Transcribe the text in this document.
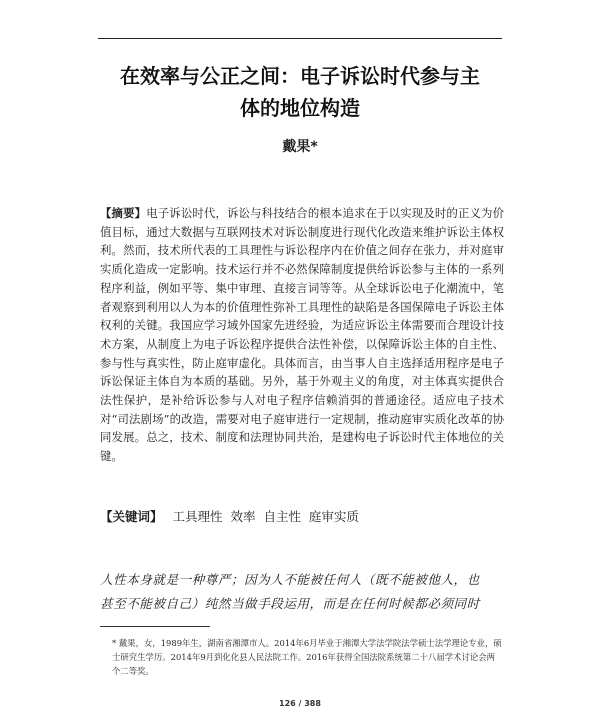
在效率与公正之间：电子诉讼时代参与主
体的地位构造
戴果*
【摘要】电子诉讼时代，诉讼与科技结合的根本追求在于以实现及时的正义为价值目标，通过大数据与互联网技术对诉讼制度进行现代化改造来维护诉讼主体权利。然而，技术所代表的工具理性与诉讼程序内在价值之间存在张力，并对庭审实质化造成一定影响。技术运行并不必然保障制度提供给诉讼参与主体的一系列程序利益，例如平等、集中审理、直接言词等等。从全球诉讼电子化潮流中，笔者观察到利用以人为本的价值理性弥补工具理性的缺陷是各国保障电子诉讼主体权利的关键。我国应学习域外国家先进经验，为适应诉讼主体需要而合理设计技术方案，从制度上为电子诉讼程序提供合法性补偿，以保障诉讼主体的自主性、参与性与真实性，防止庭审虚化。具体而言，由当事人自主选择适用程序是电子诉讼保证主体自为本质的基础。另外，基于外观主义的角度，对主体真实提供合法性保护，是补给诉讼参与人对电子程序信赖消弭的普通途径。适应电子技术对“司法剧场”的改造，需要对电子庭审进行一定规制，推动庭审实质化改革的协同发展。总之，技术、制度和法理协同共治，是建构电子诉讼时代主体地位的关键。
【关键词】 工具理性 效率 自主性 庭审实质
人性本身就是一种尊严；因为人不能被任何人（既不能被他人，也
甚至不能被自己）纯然当做手段运用，而是在任何时候都必须同时
* 戴果，女，1989年生，湖南省湘潭市人。2014年6月毕业于湘潭大学法学院法学硕士法学理论专业，硕士研究生学历。2014年9月到化化县人民法院工作。2016年获得全国法院系统第二十八届学术讨论会两个二等奖。
126 / 388
